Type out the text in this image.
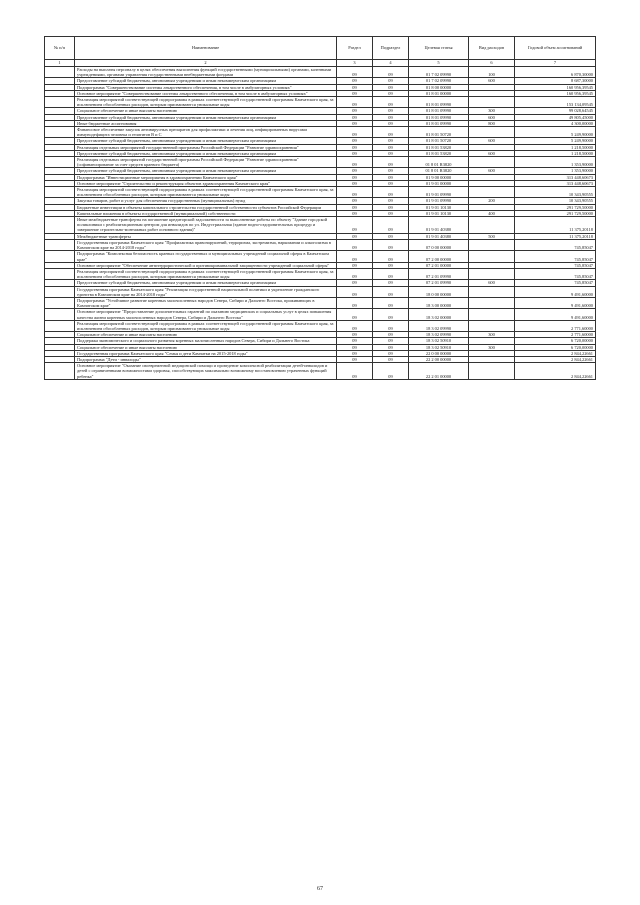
№ п/п	Наименование	Раздел	Подраздел	Целевая статья	Вид расходов	Годовой объем ассигнований
1	2	3	4	5	6	7
	Расходы на выплаты персоналу в целях обеспечения выполнения функций государственными (муниципальными) органами, казенными учреждениями, органами управления государственными внебюджетными фондами	09	09	01 7 02 09990	100	6 870,30000
	Предоставление субсидий бюджетным, автономным учреждениям и иным некоммерческим организациям	09	09	01 7 02 09990	600	8 687,30000
	Подпрограмма "Совершенствование системы лекарственного обеспечения, в том числе в амбулаторных условиях"	09	09	01 8 00 00000		160 956,39545
	Основное мероприятие "Совершенствование системы лекарственного обеспечения, в том числе в амбулаторных условиях"	09	09	01 8 01 00000		160 956,39545
	Реализация мероприятий соответствующей подпрограммы в рамках соответствующей государственной программы Камчатского края, за исключением обособленных расходов, которым присваиваются уникальные коды	09	09	01 8 01 09990		153 134,09545
	Социальное обеспечение и иные выплаты населению	09	09	01 8 01 09990	300	99 028,64545
	Предоставление субсидий бюджетным, автономным учреждениям и иным некоммерческим организациям	09	09	01 8 01 09990	600	49 805,45000
	Иные бюджетные ассигнования	09	09	01 8 01 09990	800	4 300,00000
	Финансовое обеспечение закупок антивирусных препаратов для профилактики и лечения лиц, инфицированных вирусами иммунодефицита человека и гепатитов B и C	09	09	01 8 01 50720		5 249,90000
	Предоставление субсидий бюджетным, автономным учреждениям и иным некоммерческим организациям	09	09	01 8 01 50720	600	5 249,90000
	Реализация отдельных мероприятий государственной программы Российской Федерации "Развитие здравоохранения"	09	09	01 8 01 53820		1 218,50000
	Предоставление субсидий бюджетным, автономным учреждениям и иным некоммерческим организациям	09	09	01 8 01 53820	600	1 218,50000
	Реализация отдельных мероприятий государственной программы Российской Федерации "Развитие здравоохранения" (софинансирование за счет средств краевого бюджета)	09	09	01 8 01 R3820		1 353,90000
	Предоставление субсидий бюджетным, автономным учреждениям и иным некоммерческим организациям	09	09	01 8 01 R3820	600	1 353,90000
	Подпрограмма "Инвестиционные мероприятия в здравоохранении Камчатского края"	09	09	01 9 00 00000		313 448,60673
	Основное мероприятие "Строительство и реконструкция объектов здравоохранения Камчатского края"	09	09	01 9 01 00000		313 448,60673
	Реализация мероприятий соответствующей подпрограммы в рамках соответствующей государственной программы Камчатского края, за исключением обособленных расходов, которым присваиваются уникальные коды	09	09	01 9 01 09990		10 343,90555
	Закупка товаров, работ и услуг для обеспечения государственных (муниципальных) нужд	09	09	01 9 01 09990	200	10 343,90555
	Бюджетные инвестиции в объекты капитального строительства государственной собственности субъектов Российской Федерации	09	09	01 9 01 10130		291 729,50000
	Капитальные вложения в объекты государственной (муниципальной) собственности	09	09	01 9 01 10130	400	291 729,50000
	Иные межбюджетные трансферты на погашение кредиторской задолженности за выполненные работы по объекту "Здание городской поликлиники с реабилитационным центром для инвалидов по ул. Индустриальная (здание водно-оздоровительных процедур и завершение строительно-монтажных работ основного здания)"	09	09	01 9 01 40380		11 375,20118
	Межбюджетные трансферты	09	09	01 9 01 40380	500	11 375,20118
	Государственная программа Камчатского края "Профилактика правонарушений, терроризма, экстремизма, наркомании и алкоголизма в Камчатском крае на 2014-2018 годы"	09	09	07 0 00 00000		745,85047
	Подпрограмма "Комплексная безопасность краевых государственных и муниципальных учреждений социальной сферы в Камчатском крае"	09	09	07 2 00 00000		745,85047
	Основное мероприятие "Обеспечение антитеррористической и противокриминальной защищенности учреждений социальной сферы"	09	09	07 2 01 00000		745,85047
	Реализация мероприятий соответствующей подпрограммы в рамках соответствующей государственной программы Камчатского края, за исключением обособленных расходов, которым присваиваются уникальные коды	09	09	07 2 01 09990		745,85047
	Предоставление субсидий бюджетным, автономным учреждениям и иным некоммерческим организациям	09	09	07 2 01 09990	600	745,85047
	Государственная программа Камчатского края "Реализация государственной национальной политики и укрепление гражданского единства в Камчатском крае на 2014-2018 годы"	09	09	18 0 00 00000		9 491,60000
	Подпрограмма "Устойчивое развитие коренных малочисленных народов Севера, Сибири и Дальнего Востока, проживающих в Камчатском крае"	09	09	18 3 00 00000		9 491,60000
	Основное мероприятие "Предоставление дополнительных гарантий по оказанию медицинских и социальных услуг в целях повышения качества жизни коренных малочисленных народов Севера, Сибири и Дальнего Востока"	09	09	18 3 02 00000		9 491,60000
	Реализация мероприятий соответствующей подпрограммы в рамках соответствующей государственной программы Камчатского края, за исключением обособленных расходов, которым присваиваются уникальные коды	09	09	18 3 02 09990		2 771,60000
	Социальное обеспечение и иные выплаты населению	09	09	18 3 02 09990	300	2 771,60000
	Поддержка экономического и социального развития коренных малочисленных народов Севера, Сибири и Дальнего Востока	09	09	18 3 02 50910		6 720,00000
	Социальное обеспечение и иные выплаты населению	09	09	18 3 02 50910	300	6 720,00000
	Государственная программа Камчатского края "Семья и дети Камчатки на 2015-2018 годы"	09	09	22 0 00 00000		2 844,22661
	Подпрограмма "Дети - инвалиды"	09	09	22 2 00 00000		2 844,22661
	Основное мероприятие "Оказание своевременной медицинской помощи и проведение комплексной реабилитации детей-инвалидов и детей с ограниченными возможностями здоровья, способствующих максимально возможному восстановлению утраченных функций ребенка"	09	09	22 2 01 00000		2 844,22661
67
